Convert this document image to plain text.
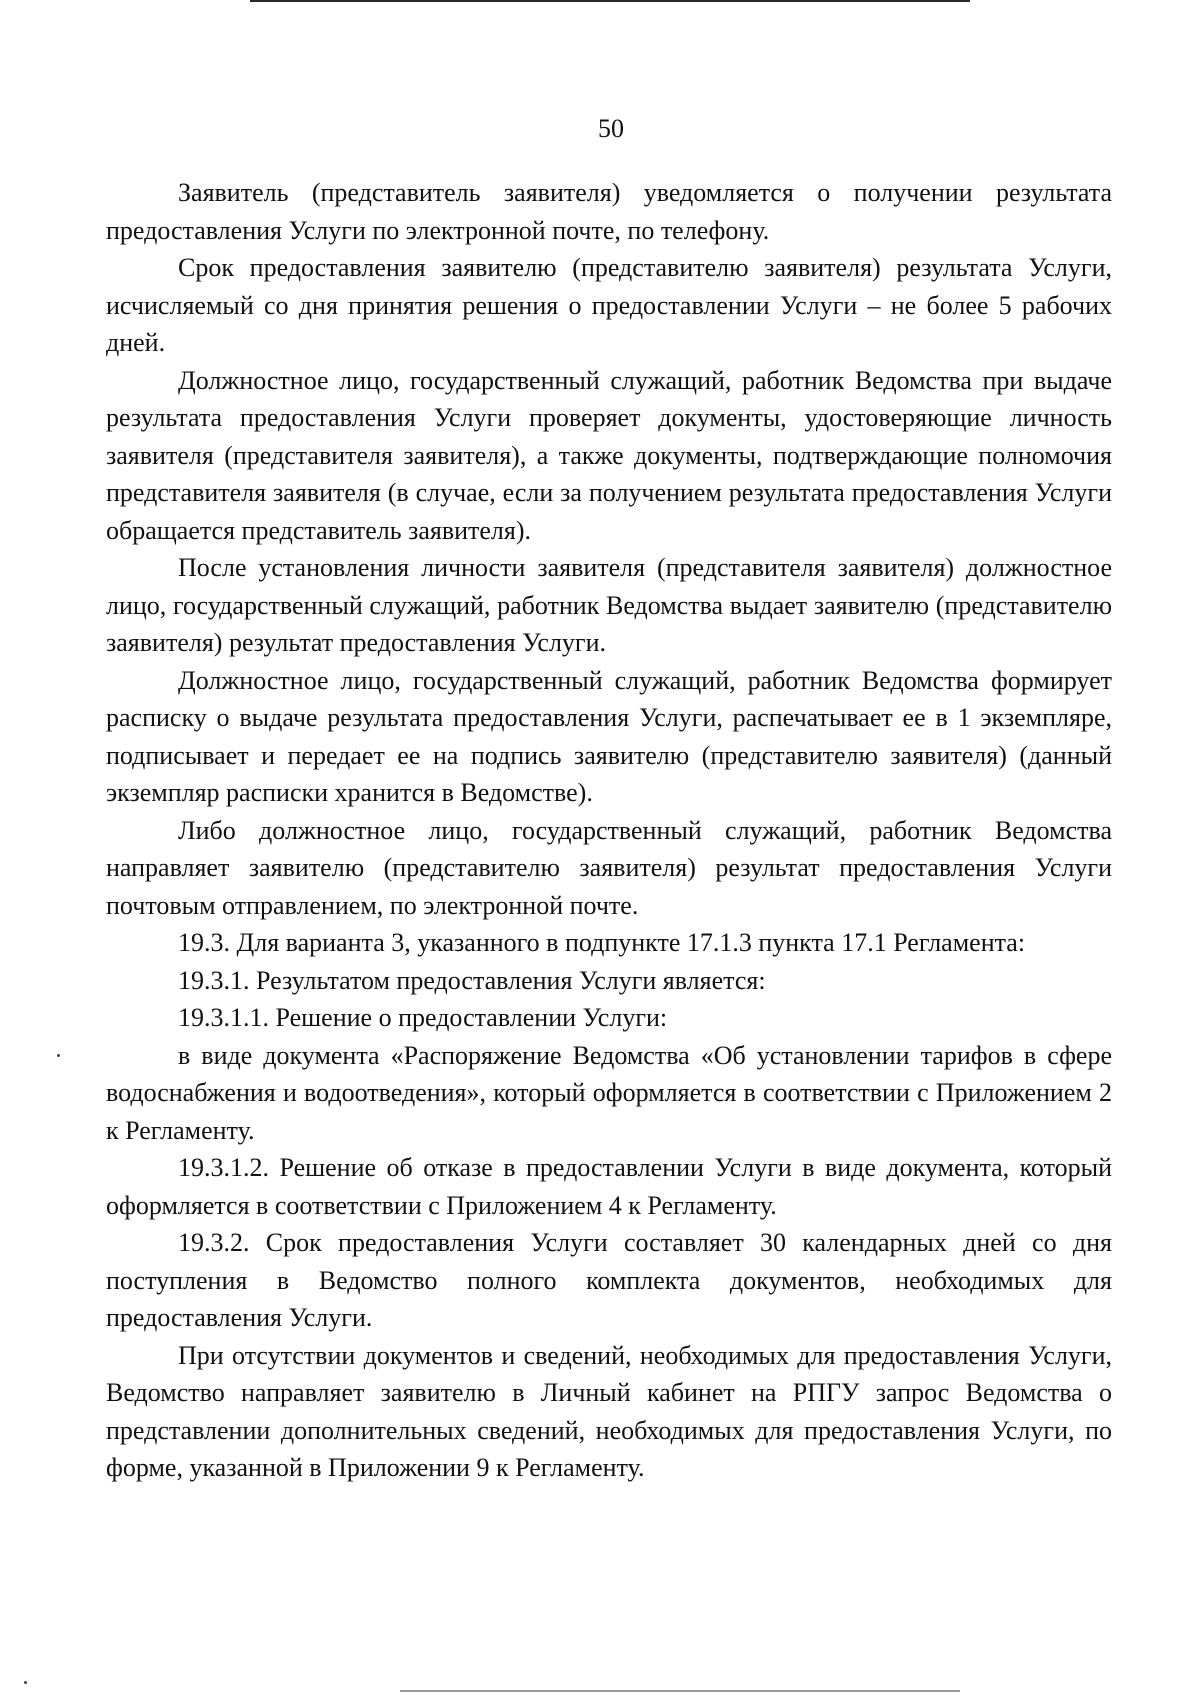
50

Заявитель (представитель заявителя) уведомляется о получении результата предоставления Услуги по электронной почте, по телефону.

Срок предоставления заявителю (представителю заявителя) результата Услуги, исчисляемый со дня принятия решения о предоставлении Услуги – не более 5 рабочих дней.

Должностное лицо, государственный служащий, работник Ведомства при выдаче результата предоставления Услуги проверяет документы, удостоверяющие личность заявителя (представителя заявителя), а также документы, подтверждающие полномочия представителя заявителя (в случае, если за получением результата предоставления Услуги обращается представитель заявителя).

После установления личности заявителя (представителя заявителя) должностное лицо, государственный служащий, работник Ведомства выдает заявителю (представителю заявителя) результат предоставления Услуги.

Должностное лицо, государственный служащий, работник Ведомства формирует расписку о выдаче результата предоставления Услуги, распечатывает ее в 1 экземпляре, подписывает и передает ее на подпись заявителю (представителю заявителя) (данный экземпляр расписки хранится в Ведомстве).

Либо должностное лицо, государственный служащий, работник Ведомства направляет заявителю (представителю заявителя) результат предоставления Услуги почтовым отправлением, по электронной почте.

19.3. Для варианта 3, указанного в подпункте 17.1.3 пункта 17.1 Регламента:

19.3.1. Результатом предоставления Услуги является:

19.3.1.1. Решение о предоставлении Услуги:

в виде документа «Распоряжение Ведомства «Об установлении тарифов в сфере водоснабжения и водоотведения», который оформляется в соответствии с Приложением 2 к Регламенту.

19.3.1.2. Решение об отказе в предоставлении Услуги в виде документа, который оформляется в соответствии с Приложением 4 к Регламенту.

19.3.2. Срок предоставления Услуги составляет 30 календарных дней со дня поступления в Ведомство полного комплекта документов, необходимых для предоставления Услуги.

При отсутствии документов и сведений, необходимых для предоставления Услуги, Ведомство направляет заявителю в Личный кабинет на РПГУ запрос Ведомства о представлении дополнительных сведений, необходимых для предоставления Услуги, по форме, указанной в Приложении 9 к Регламенту.
